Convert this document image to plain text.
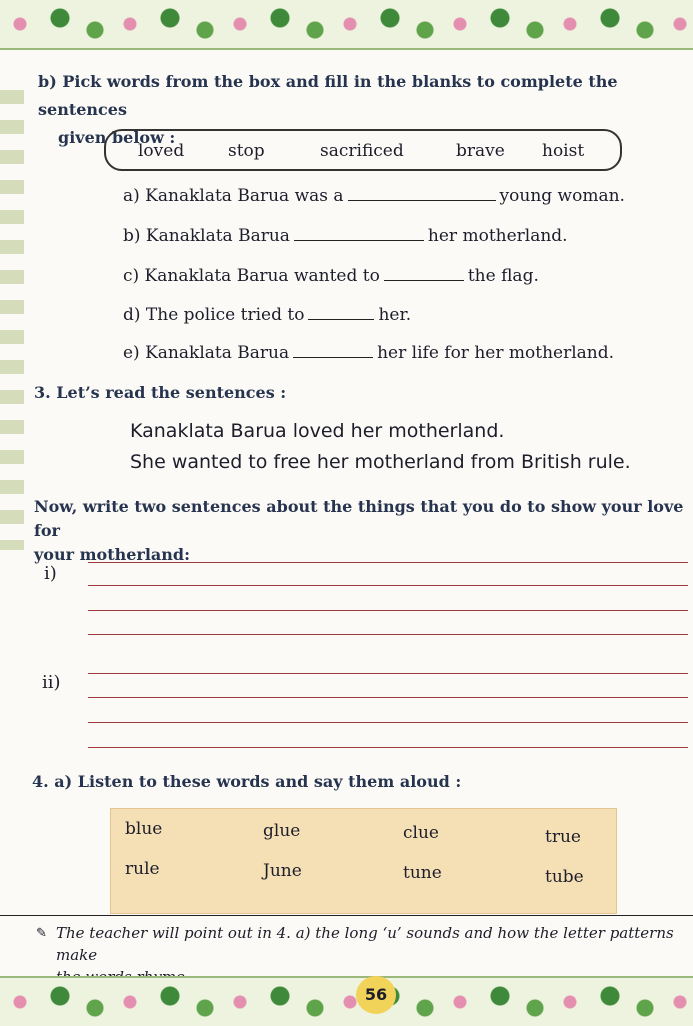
b) Pick words from the box and fill in the blanks to complete the sentences
given below :
loved	stop	sacrificed	brave hoist
a) Kanaklata Barua was a	young woman.
b) Kanaklata Barua	her motherland.
c) Kanaklata Barua wanted to	the flag.
d) The police tried to	her.
e) Kanaklata Barua	her life for her motherland.
3. Let’s read the sentences :
Kanaklata Barua loved her motherland.
She wanted to free her motherland from British rule.
Now, write two sentences about the things that you do to show your love for
your motherland:
i)
ii)
4. a) Listen to these words and say them aloud :
blue	glue	clue	true
rule	June	tune	tube
✎ The teacher will point out in 4. a) the long ‘u’ sounds and how the letter patterns make
56
